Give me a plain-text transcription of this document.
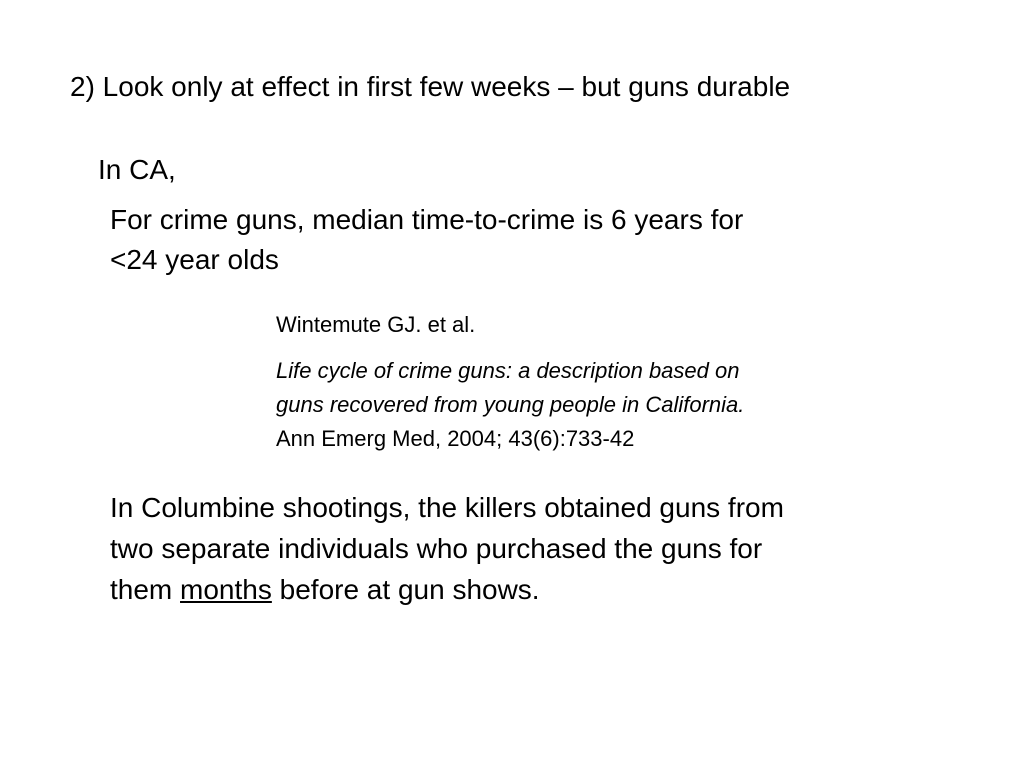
2) Look only at effect in first few weeks – but guns durable
In CA,
For crime guns, median time-to-crime is 6 years for
<24 year olds
Wintemute GJ. et al.
Life cycle of crime guns: a description based on
guns recovered from young people in California.
Ann Emerg Med, 2004; 43(6):733-42
In Columbine shootings, the killers obtained guns from
two separate individuals who purchased the guns for
them months before at gun shows.
